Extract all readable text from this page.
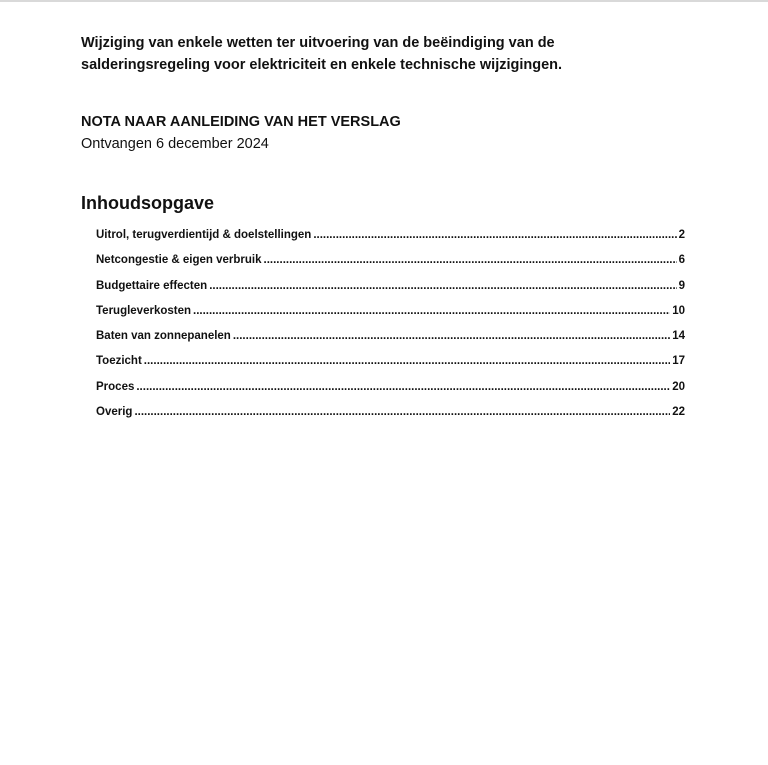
Wijziging van enkele wetten ter uitvoering van de beëindiging van de
salderingsregeling voor elektriciteit en enkele technische wijzigingen.
NOTA NAAR AANLEIDING VAN HET VERSLAG
Ontvangen 6 december 2024
Inhoudsopgave
Uitrol, terugverdientijd & doelstellingen .....	2
Netcongestie & eigen verbruik .....	6
Budgettaire effecten .....	9
Terugleverkosten .....	10
Baten van zonnepanelen .....	14
Toezicht .....	17
Proces .....	20
Overig .....	22
